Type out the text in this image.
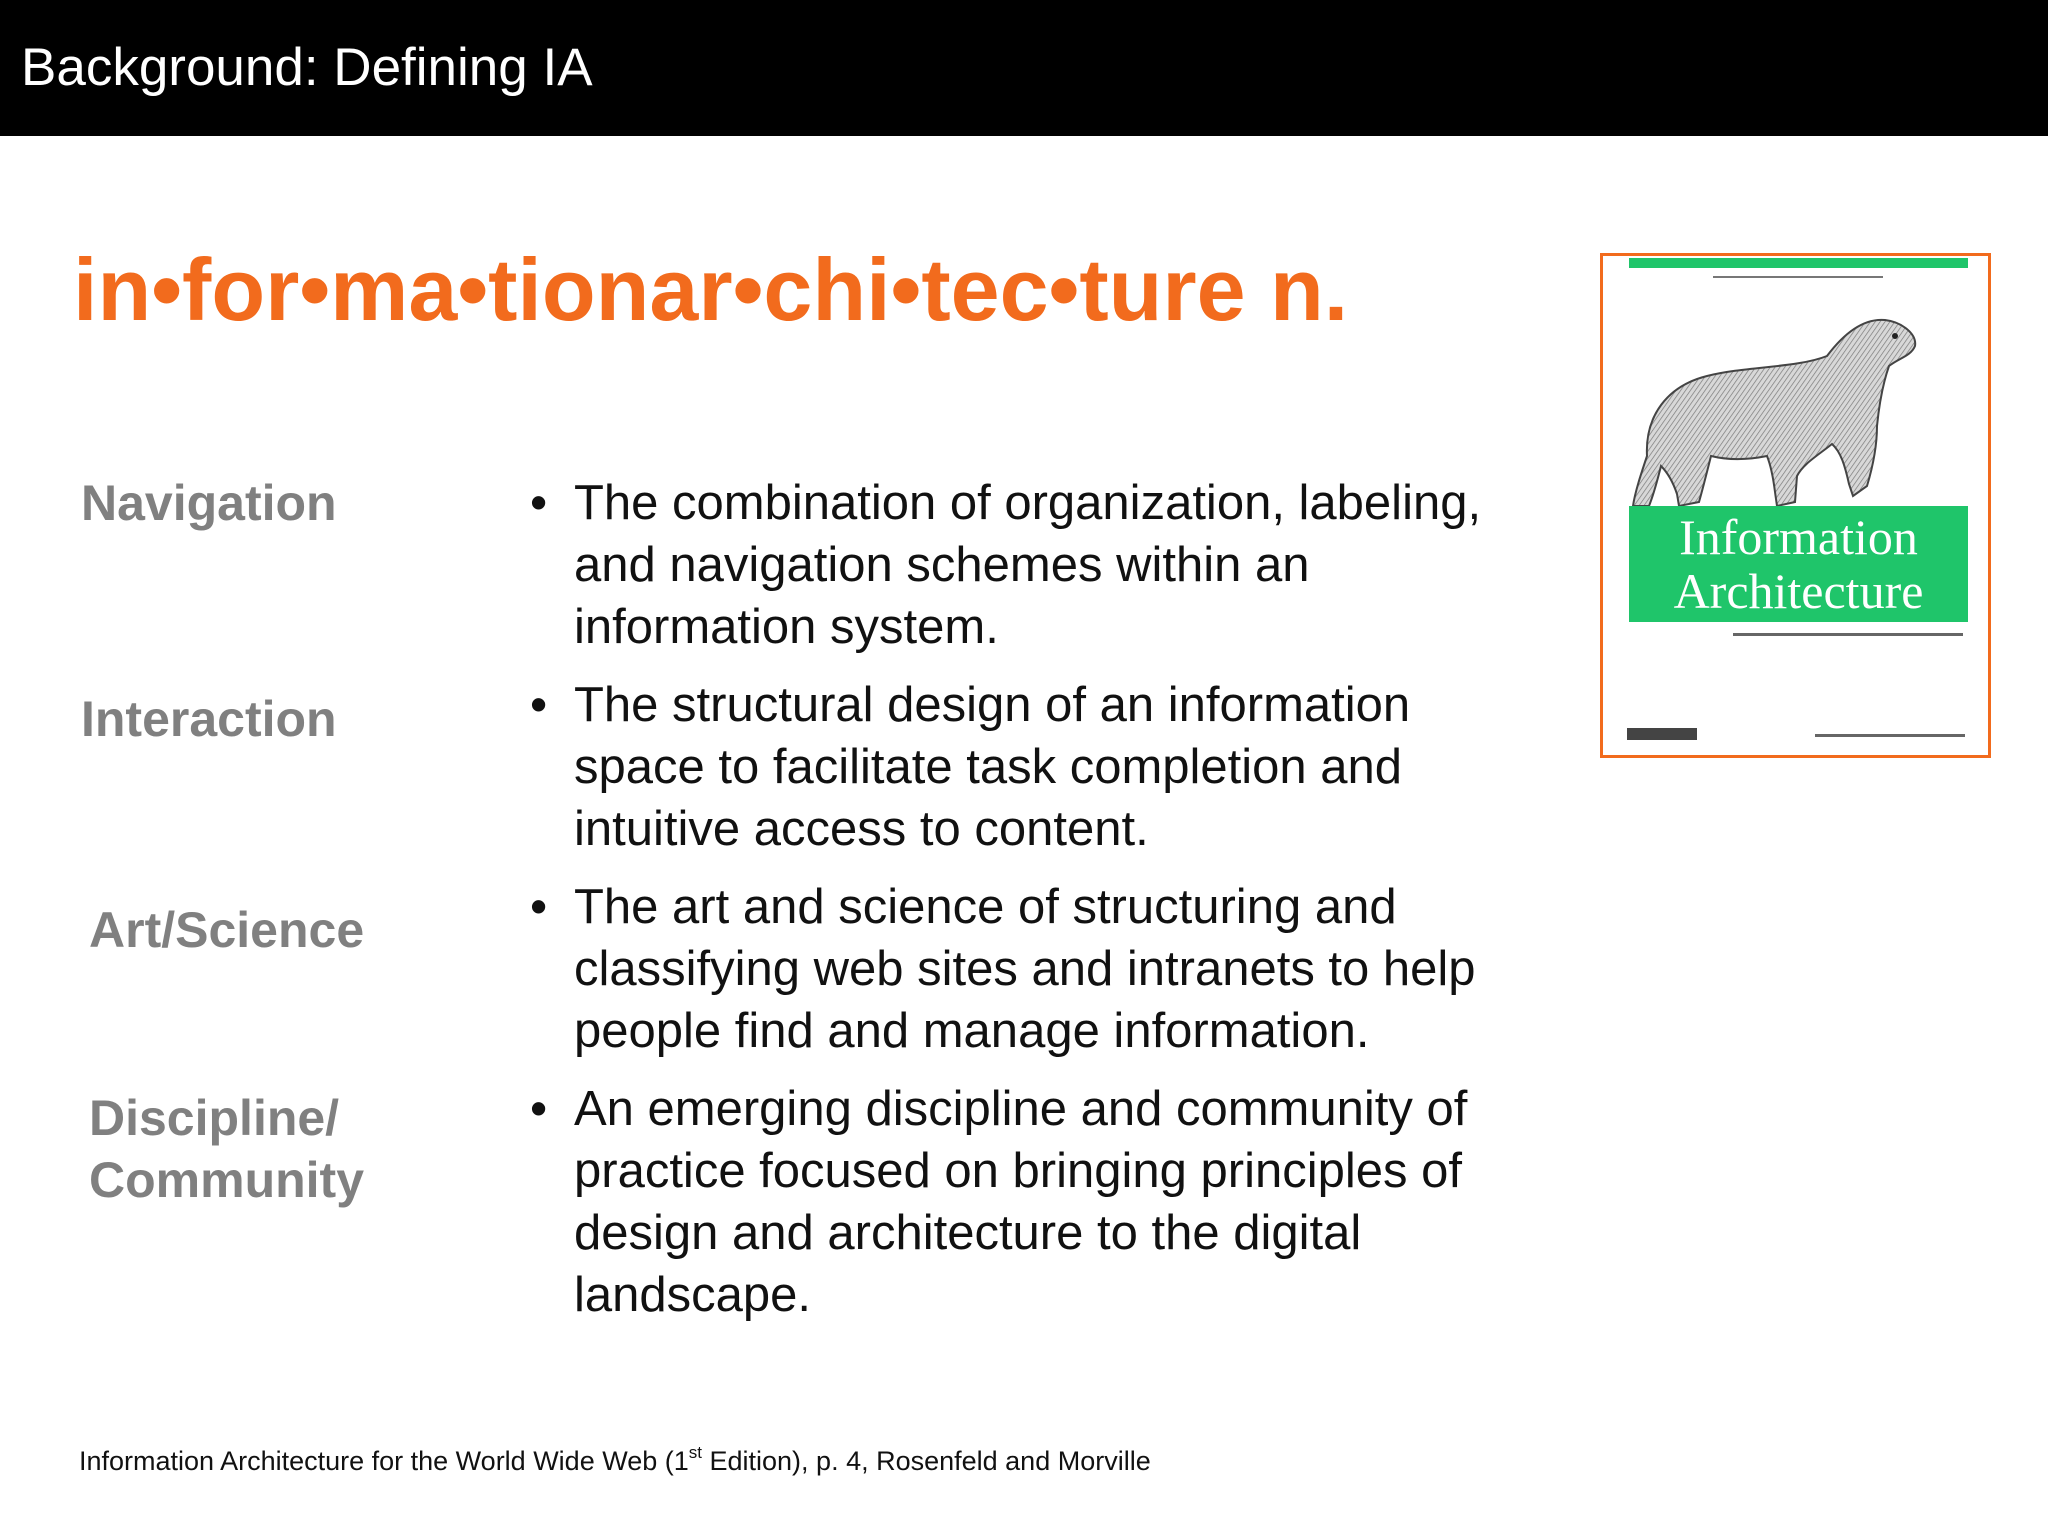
Background: Defining IA
in•for•ma•tionar•chi•tec•ture n.
Navigation
Interaction
Art/Science
Discipline/ Community
• The combination of organization, labeling, and navigation schemes within an information system.
• The structural design of an information space to facilitate task completion and intuitive access to content.
• The art and science of structuring and classifying web sites and intranets to help people find and manage information.
• An emerging discipline and community of practice focused on bringing principles of design and architecture to the digital landscape.
Information
Architecture
Information Architecture for the World Wide Web (1st Edition), p. 4, Rosenfeld and Morville
